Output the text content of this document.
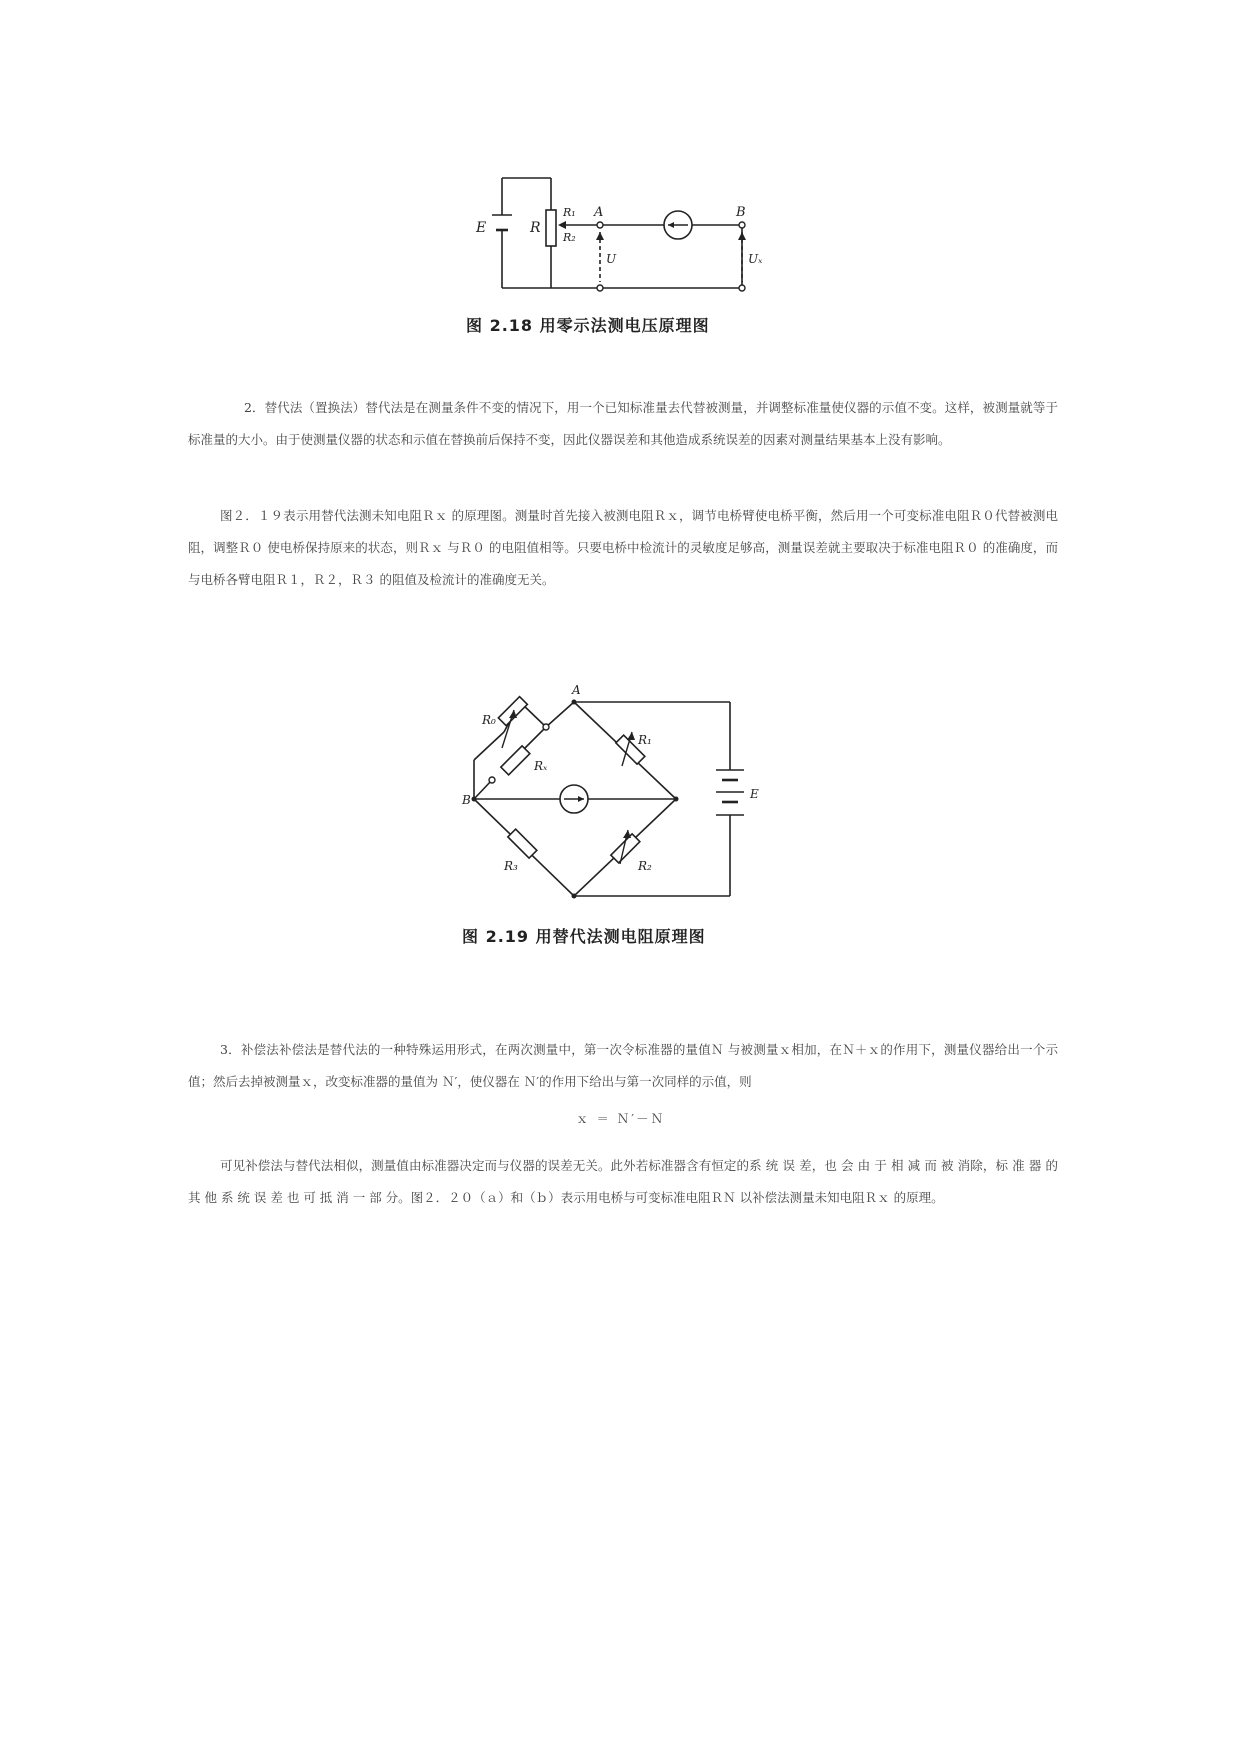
E	R
R₁
R₂
A	B
U	Uₓ
图 2.18 用零示法测电压原理图

2．替代法（置换法）替代法是在测量条件不变的情况下，用一个已知标准量去代替被测量，并调整标准量使仪器的示值不变。这样，被测量就等于标准量的大小。由于使测量仪器的状态和示值在替换前后保持不变，因此仪器误差和其他造成系统误差的因素对测量结果基本上没有影响。

图２．１９表示用替代法测未知电阻Ｒｘ 的原理图。测量时首先接入被测电阻Ｒｘ，调节电桥臂使电桥平衡，然后用一个可变标准电阻Ｒ０代替被测电阻，调整Ｒ０ 使电桥保持原来的状态，则Ｒｘ 与Ｒ０ 的电阻值相等。只要电桥中检流计的灵敏度足够高，测量误差就主要取决于标准电阻Ｒ０ 的准确度，而与电桥各臂电阻Ｒ１，Ｒ２，Ｒ３ 的阻值及检流计的准确度无关。

A
B	E
R₀
Rₓ
R₁
R₂
R₃
图 2.19 用替代法测电阻原理图

3．补偿法补偿法是替代法的一种特殊运用形式，在两次测量中，第一次令标准器的量值Ｎ 与被测量ｘ相加，在Ｎ＋ｘ的作用下，测量仪器给出一个示值；然后去掉被测量ｘ，改变标准器的量值为 Ｎ′，使仪器在 Ｎ′的作用下给出与第一次同样的示值，则

ｘ ＝ Ｎ′－Ｎ

可见补偿法与替代法相似，测量值由标准器决定而与仪器的误差无关。此外若标准器含有恒定的系 统 误 差，也 会 由 于 相 减 而 被 消除，标 准 器 的 其 他 系 统 误 差 也 可 抵 消 一 部 分。图２．２０（ａ）和（ｂ）表示用电桥与可变标准电阻ＲＮ 以补偿法测量未知电阻Ｒｘ 的原理。
